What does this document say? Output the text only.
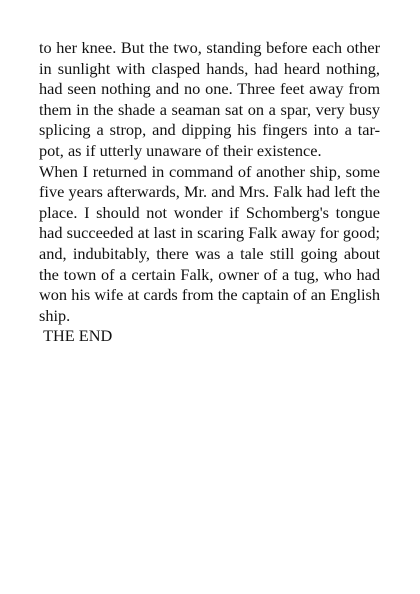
to her knee. But the two, standing before each other in sunlight with clasped hands, had heard nothing, had seen nothing and no one. Three feet away from them in the shade a seaman sat on a spar, very busy splicing a strop, and dipping his fingers into a tar-pot, as if utterly unaware of their existence.

When I returned in command of another ship, some five years afterwards, Mr. and Mrs. Falk had left the place. I should not wonder if Schomberg's tongue had succeeded at last in scaring Falk away for good; and, indubitably, there was a tale still going about the town of a certain Falk, owner of a tug, who had won his wife at cards from the captain of an English ship.

THE END
